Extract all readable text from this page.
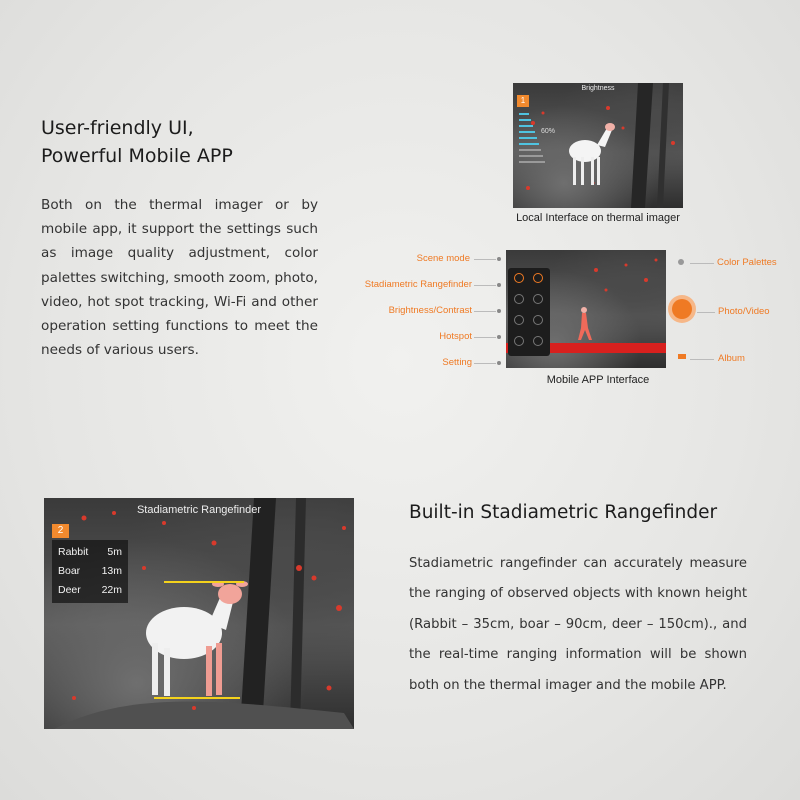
User-friendly UI,
Powerful Mobile APP

Both on the thermal imager or by mobile app, it support the settings such as image quality adjustment, color palettes switching, smooth zoom, photo, video, hot spot tracking, Wi-Fi and other operation setting functions to meet the needs of various users.

Brightness
1
60%
Local Interface on thermal imager
Scene mode
Stadiametric Rangefinder
Brightness/Contrast
Hotspot
Setting
Color Palettes
Photo/Video
Album
Mobile APP Interface
Stadiametric Rangefinder
2
Rabbit 5m
Boar 13m
Deer 22m
Built-in Stadiametric Rangefinder

Stadiametric rangefinder can accurately measure the ranging of observed objects with known height (Rabbit – 35cm, boar – 90cm, deer – 150cm)., and the real-time ranging information will be shown both on the thermal imager and the mobile APP.
